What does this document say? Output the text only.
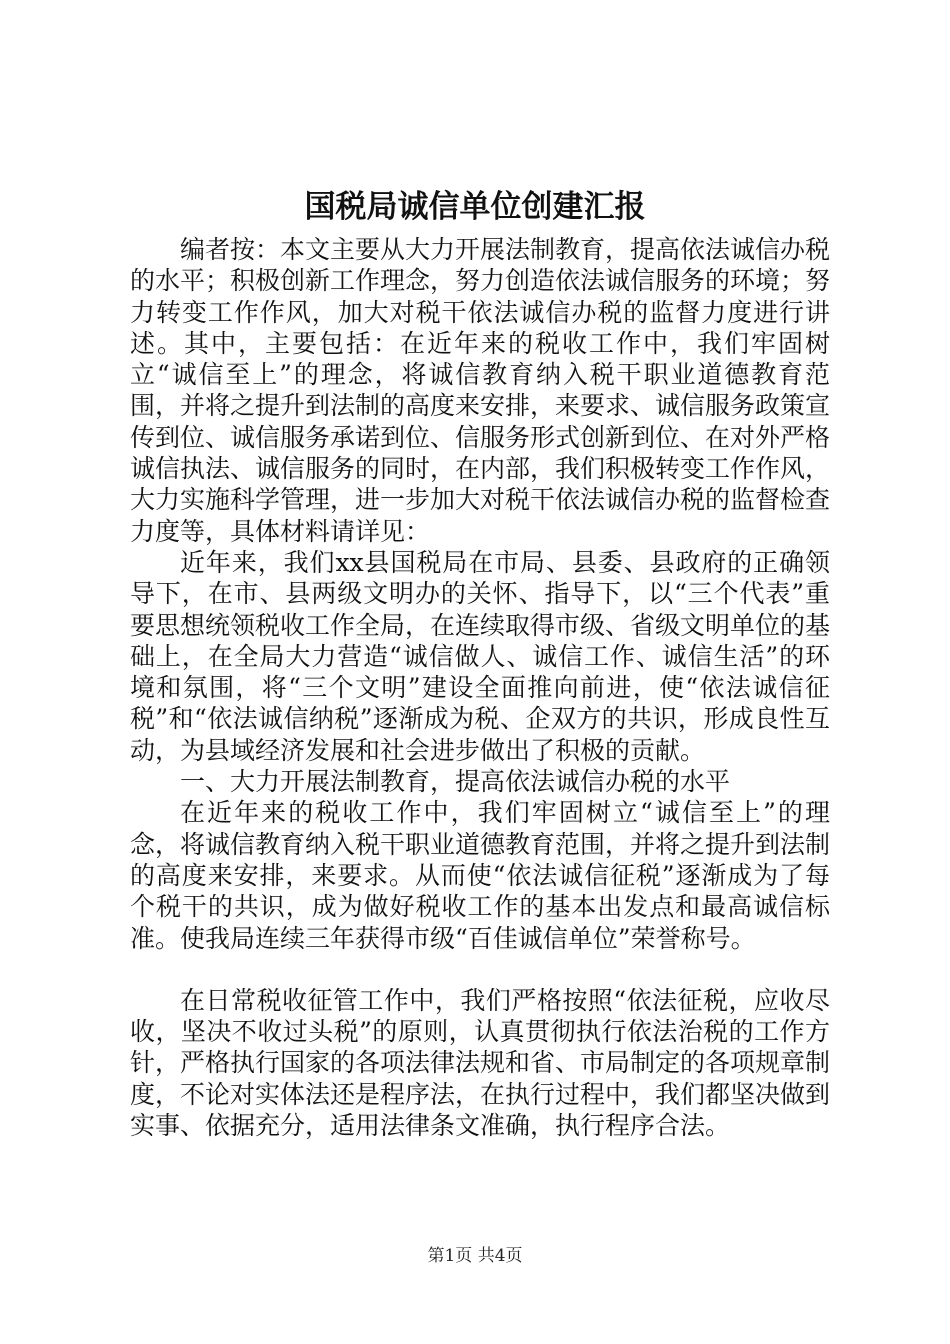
国税局诚信单位创建汇报

编者按：本文主要从大力开展法制教育，提高依法诚信办税的水平；积极创新工作理念，努力创造依法诚信服务的环境；努力转变工作作风，加大对税干依法诚信办税的监督力度进行讲述。其中，主要包括：在近年来的税收工作中，我们牢固树立“诚信至上”的理念，将诚信教育纳入税干职业道德教育范围，并将之提升到法制的高度来安排，来要求、诚信服务政策宣传到位、诚信服务承诺到位、信服务形式创新到位、在对外严格诚信执法、诚信服务的同时，在内部，我们积极转变工作作风，大力实施科学管理，进一步加大对税干依法诚信办税的监督检查力度等，具体材料请详见：

近年来，我们xx县国税局在市局、县委、县政府的正确领导下，在市、县两级文明办的关怀、指导下，以“三个代表”重要思想统领税收工作全局，在连续取得市级、省级文明单位的基础上，在全局大力营造“诚信做人、诚信工作、诚信生活”的环境和氛围，将“三个文明”建设全面推向前进，使“依法诚信征税”和“依法诚信纳税”逐渐成为税、企双方的共识，形成良性互动，为县域经济发展和社会进步做出了积极的贡献。

一、大力开展法制教育，提高依法诚信办税的水平

在近年来的税收工作中，我们牢固树立“诚信至上”的理念，将诚信教育纳入税干职业道德教育范围，并将之提升到法制的高度来安排，来要求。从而使“依法诚信征税”逐渐成为了每个税干的共识，成为做好税收工作的基本出发点和最高诚信标准。使我局连续三年获得市级“百佳诚信单位”荣誉称号。

在日常税收征管工作中，我们严格按照“依法征税，应收尽收，坚决不收过头税”的原则，认真贯彻执行依法治税的工作方针，严格执行国家的各项法律法规和省、市局制定的各项规章制度，不论对实体法还是程序法，在执行过程中，我们都坚决做到实事、依据充分，适用法律条文准确，执行程序合法。

第1页 共4页
